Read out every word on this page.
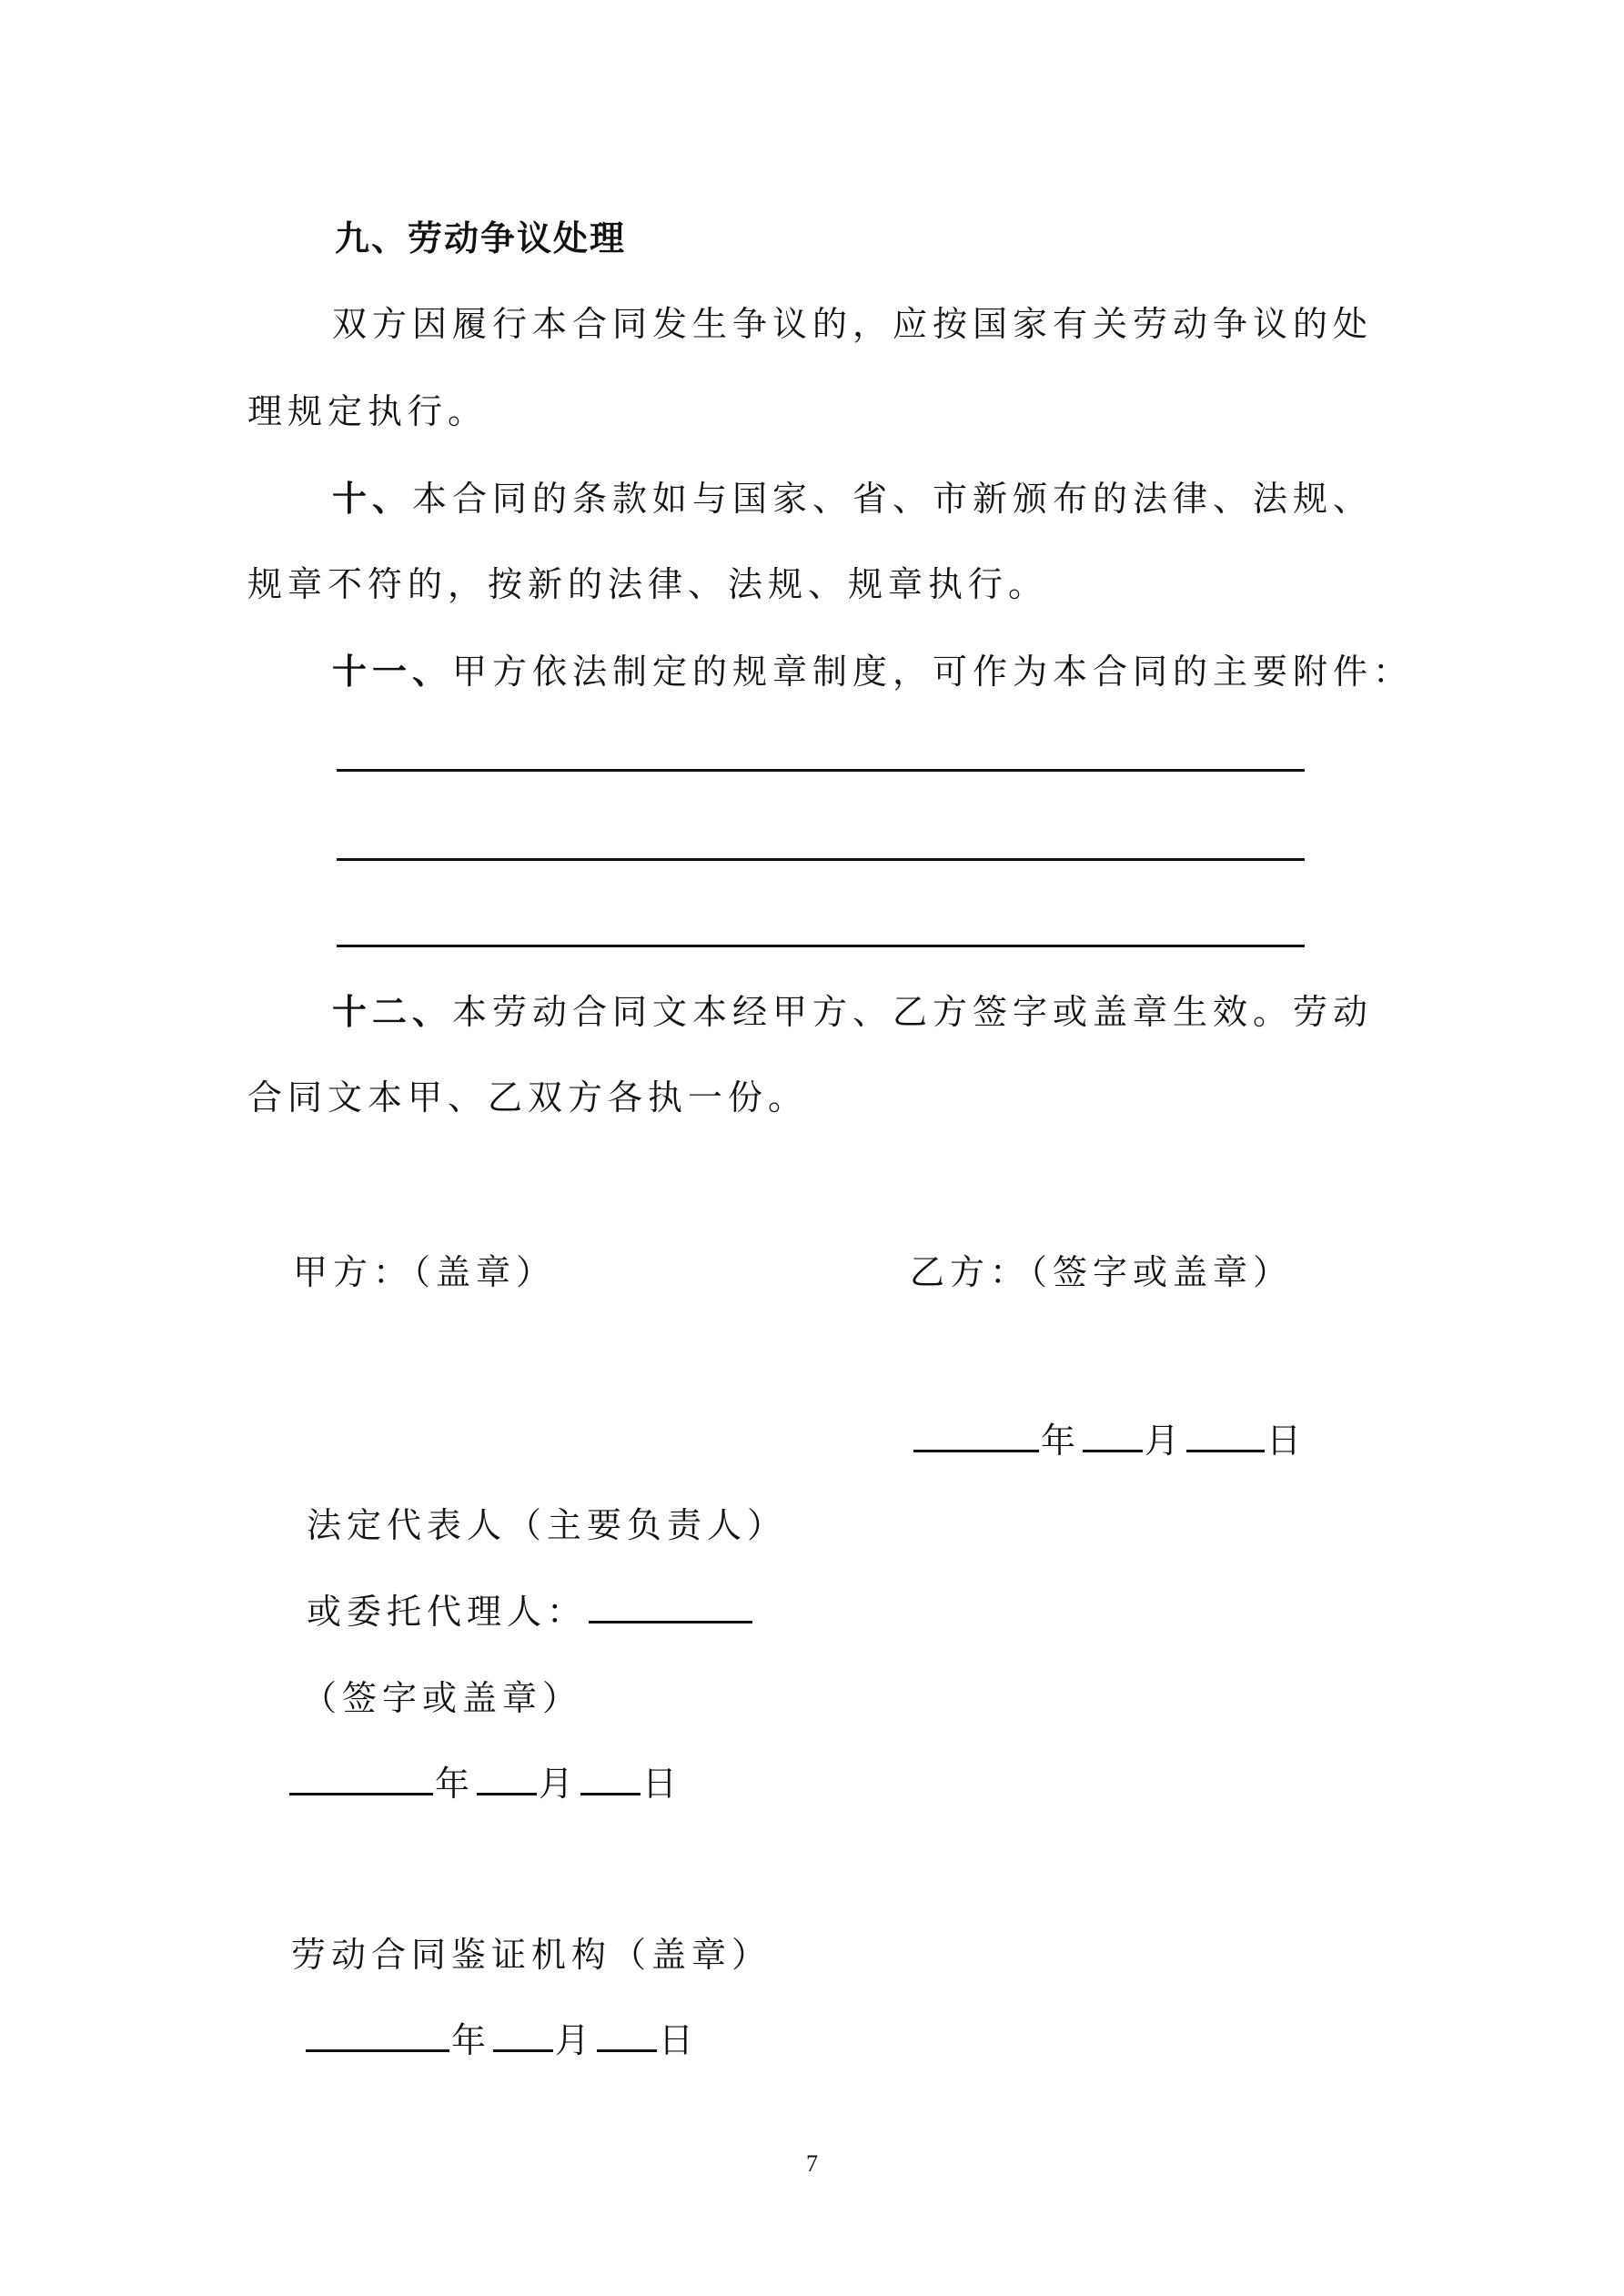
九、劳动争议处理
双方因履行本合同发生争议的，应按国家有关劳动争议的处
理规定执行。
十、本合同的条款如与国家、省、市新颁布的法律、法规、
规章不符的，按新的法律、法规、规章执行。
十一、甲方依法制定的规章制度，可作为本合同的主要附件：
十二、本劳动合同文本经甲方、乙方签字或盖章生效。劳动
合同文本甲、乙双方各执一份。
甲方：（盖章）	乙方：（签字或盖章）
年 月 日
法定代表人（主要负责人）
或委托代理人：
（签字或盖章）
年 月 日
劳动合同鉴证机构（盖章）
年 月 日
7
